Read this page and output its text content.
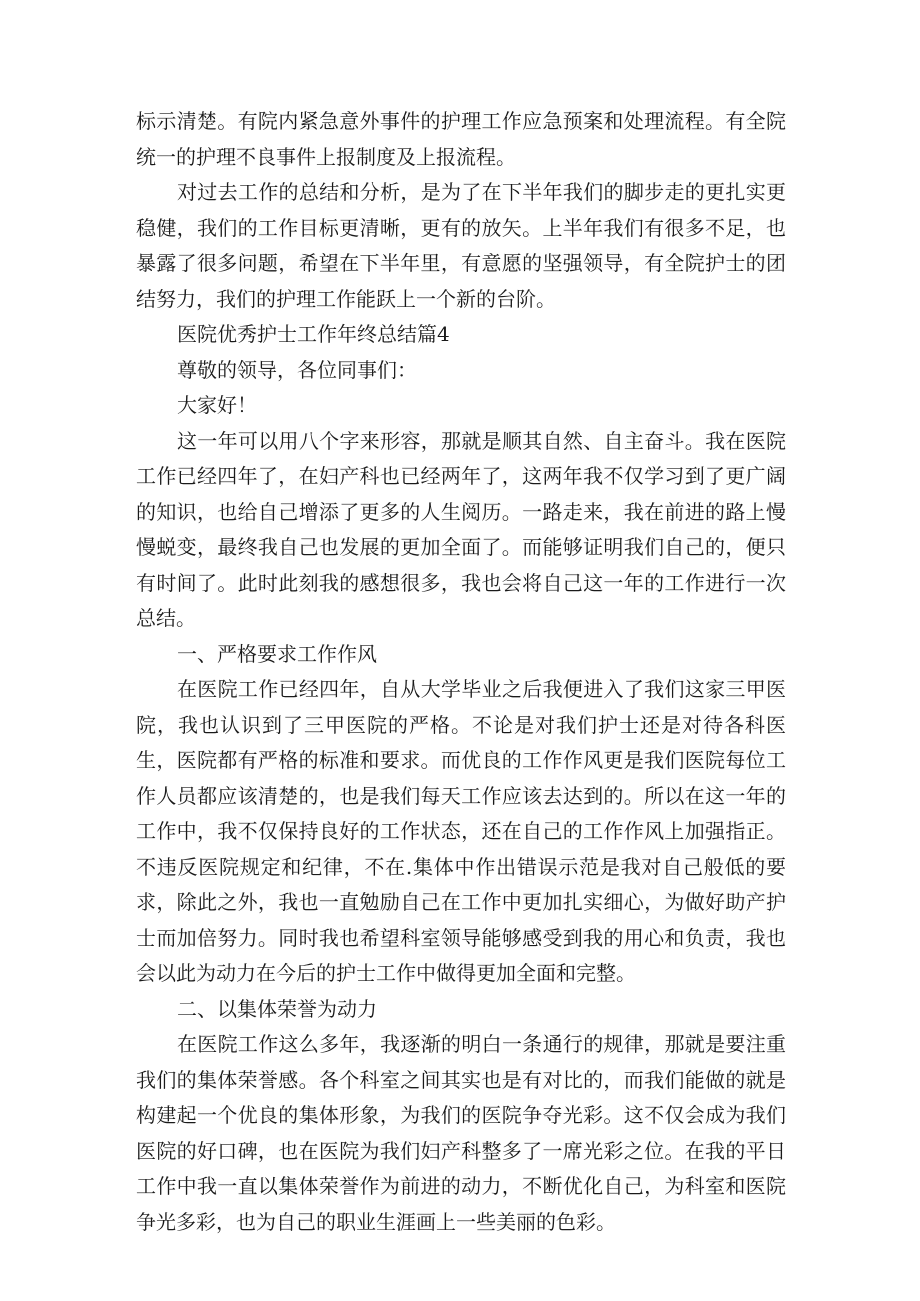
标示清楚。有院内紧急意外事件的护理工作应急预案和处理流程。有全院统一的护理不良事件上报制度及上报流程。

对过去工作的总结和分析，是为了在下半年我们的脚步走的更扎实更稳健，我们的工作目标更清晰，更有的放矢。上半年我们有很多不足，也暴露了很多问题，希望在下半年里，有意愿的坚强领导，有全院护士的团结努力，我们的护理工作能跃上一个新的台阶。

医院优秀护士工作年终总结篇4

尊敬的领导，各位同事们：

大家好！

这一年可以用八个字来形容，那就是顺其自然、自主奋斗。我在医院工作已经四年了，在妇产科也已经两年了，这两年我不仅学习到了更广阔的知识，也给自己增添了更多的人生阅历。一路走来，我在前进的路上慢慢蜕变，最终我自己也发展的更加全面了。而能够证明我们自己的，便只有时间了。此时此刻我的感想很多，我也会将自己这一年的工作进行一次总结。

一、严格要求工作作风

在医院工作已经四年，自从大学毕业之后我便进入了我们这家三甲医院，我也认识到了三甲医院的严格。不论是对我们护士还是对待各科医生，医院都有严格的标准和要求。而优良的工作作风更是我们医院每位工作人员都应该清楚的，也是我们每天工作应该去达到的。所以在这一年的工作中，我不仅保持良好的工作状态，还在自己的工作作风上加强指正。不违反医院规定和纪律，不在.集体中作出错误示范是我对自己般低的要求，除此之外，我也一直勉励自己在工作中更加扎实细心，为做好助产护士而加倍努力。同时我也希望科室领导能够感受到我的用心和负责，我也会以此为动力在今后的护士工作中做得更加全面和完整。

二、以集体荣誉为动力

在医院工作这么多年，我逐渐的明白一条通行的规律，那就是要注重我们的集体荣誉感。各个科室之间其实也是有对比的，而我们能做的就是构建起一个优良的集体形象，为我们的医院争夺光彩。这不仅会成为我们医院的好口碑，也在医院为我们妇产科整多了一席光彩之位。在我的平日工作中我一直以集体荣誉作为前进的动力，不断优化自己，为科室和医院争光多彩，也为自己的职业生涯画上一些美丽的色彩。
